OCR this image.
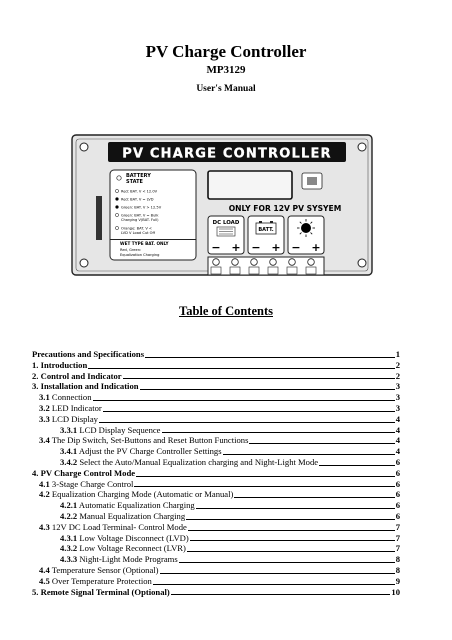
PV Charge Controller
MP3129
User's Manual
PV CHARGE CONTROLLER
BATTERY
STATE
Red: BAT. V < 12.0V
Red: BAT. V = LVD
Green: BAT. V > 12.5V
Green: BAT. V = Bulk
Charging V(BAT. Full)
Orange: BAT. V <
LVD V Load Cut Off
WET TYPE BAT. ONLY
Red, Green:
Equalization Charging
ONLY FOR 12V PV SYSYEM
DC LOAD
− +
BATT.
− + − +
Table of Contents
Precautions and Specifications	1
1. Introduction	2
2. Control and Indicator	2
3. Installation and Indication	3
3.1 Connection	3
3.2 LED Indicator	3
3.3 LCD Display	4
3.3.1 LCD Display Sequence	4
3.4 The Dip Switch, Set-Buttons and Reset Button Functions	4
3.4.1 Adjust the PV Charge Controller Settings	4
3.4.2 Select the Auto/Manual Equalization charging and Night-Light Mode	6
4. PV Charge Control Mode	6
4.1 3-Stage Charge Control	6
4.2 Equalization Charging Mode (Automatic or Manual)	6
4.2.1 Automatic Equalization Charging	6
4.2.2 Manual Equalization Charging	6
4.3 12V DC Load Terminal- Control Mode	7
4.3.1 Low Voltage Disconnect (LVD)	7
4.3.2 Low Voltage Reconnect (LVR)	7
4.3.3 Night-Light Mode Programs	8
4.4 Temperature Sensor (Optional)	8
4.5 Over Temperature Protection	9
5. Remote Signal Terminal (Optional)	10
